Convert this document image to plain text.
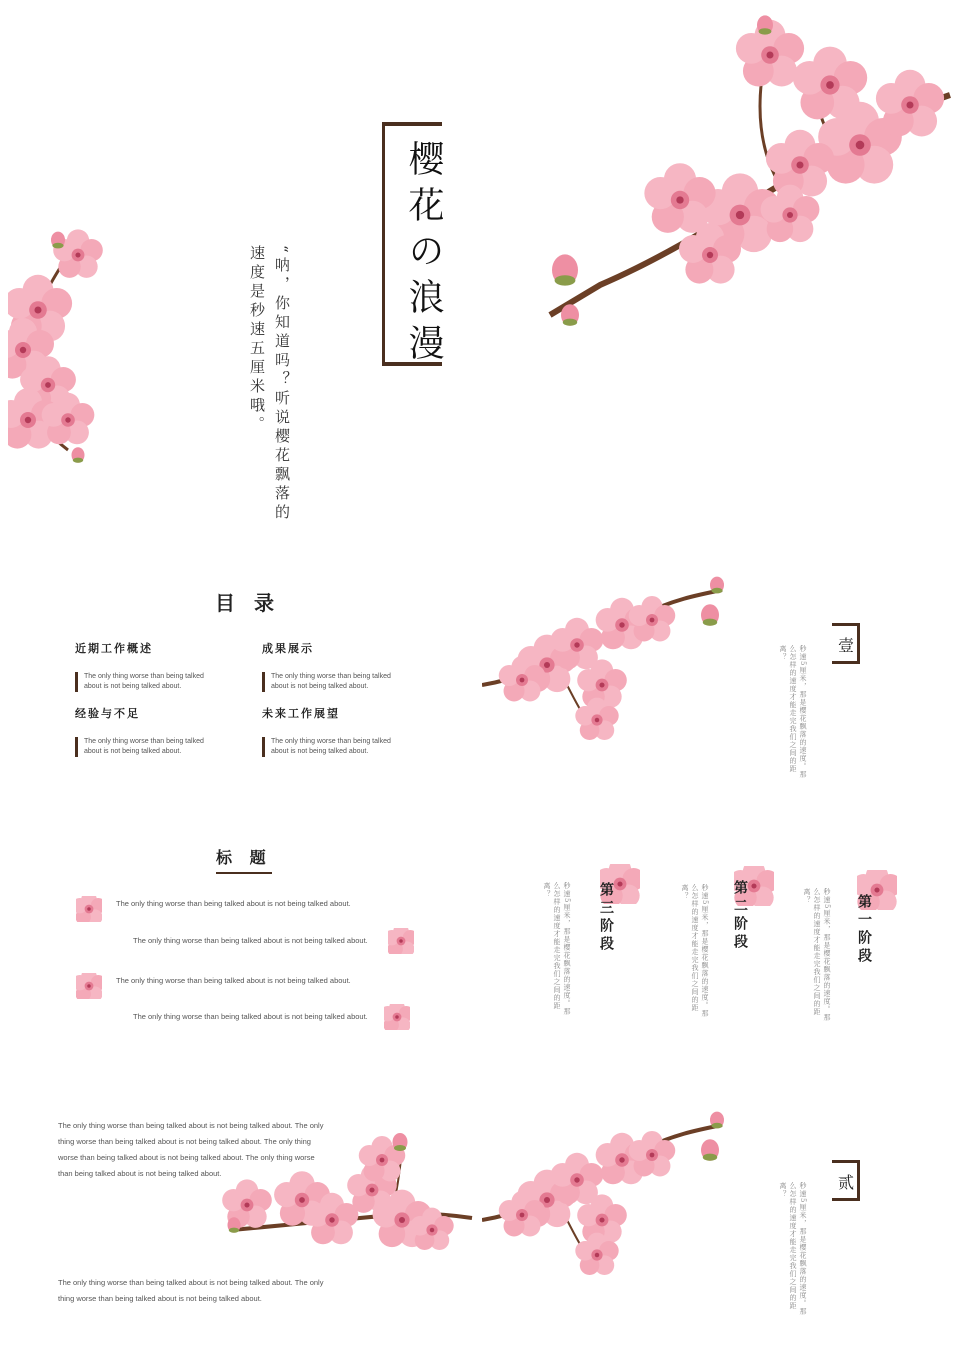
樱花の浪漫
“呐，你知道吗？听说樱花飘落的
速度是秒速五厘米哦。
目 录
近期工作概述
The only thing worse than being talked about is not being talked about.
成果展示
The only thing worse than being talked about is not being talked about.
经验与不足
The only thing worse than being talked about is not being talked about.
未来工作展望
The only thing worse than being talked about is not being talked about.
壹
秒速5厘米，那是樱花飘落的速度。那么怎样的速度才能走完我们之间的距离？
标 题
The only thing worse than being talked about is not being talked about.
The only thing worse than being talked about is not being talked about.
The only thing worse than being talked about is not being talked about.
The only thing worse than being talked about is not being talked about.
第一阶段
秒速5厘米，那是樱花飘落的速度。那么怎样的速度才能走完我们之间的距离？
第二阶段
秒速5厘米，那是樱花飘落的速度。那么怎样的速度才能走完我们之间的距离？
第三阶段
秒速5厘米，那是樱花飘落的速度。那么怎样的速度才能走完我们之间的距离？
The only thing worse than being talked about is not being talked about. The only thing worse than being talked about is not being talked about. The only thing worse than being talked about is not being talked about. The only thing worse than being talked about is not being talked about.
The only thing worse than being talked about is not being talked about. The only thing worse than being talked about is not being talked about.
贰
秒速5厘米，那是樱花飘落的速度。那么怎样的速度才能走完我们之间的距离？
